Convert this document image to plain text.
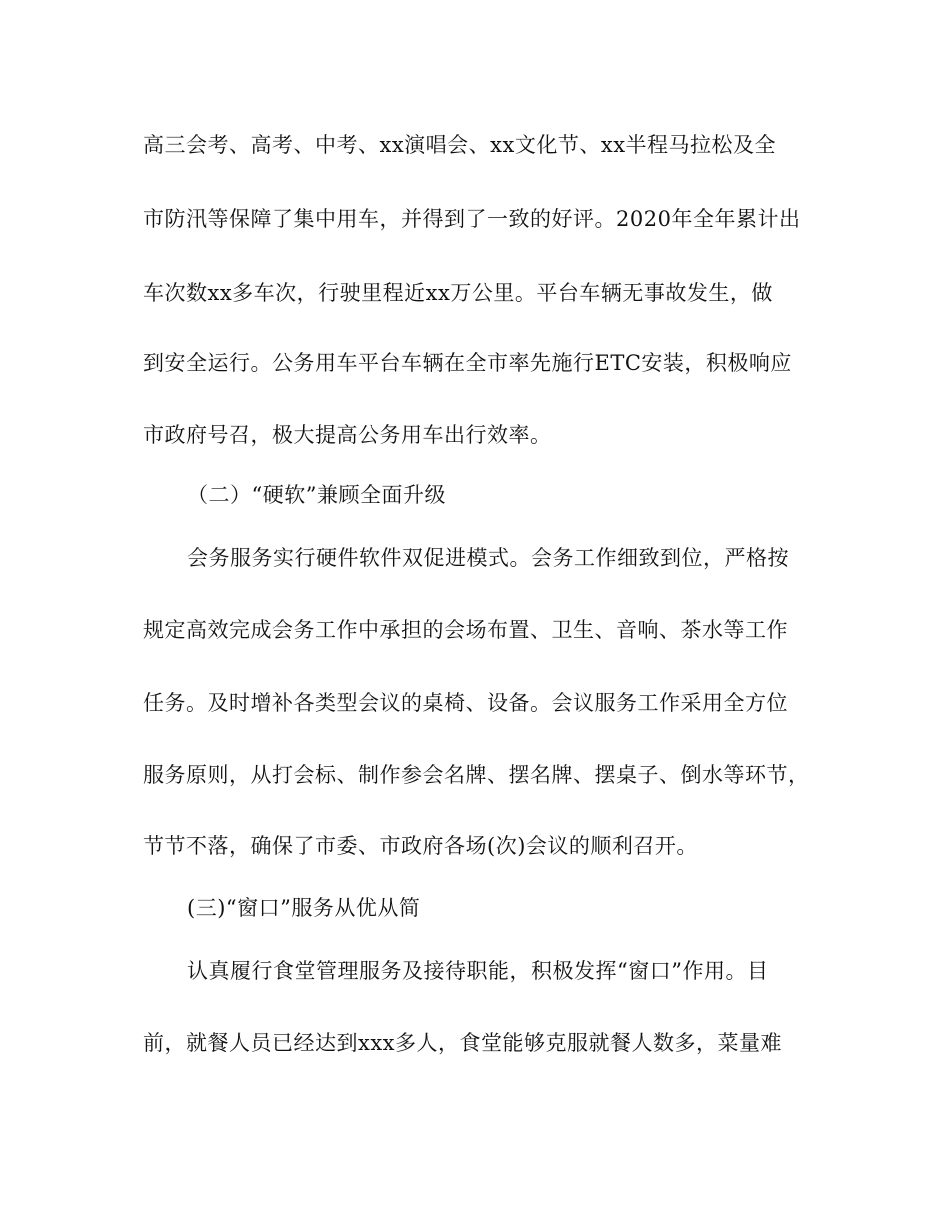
高三会考、高考、中考、xx演唱会、xx文化节、xx半程马拉松及全
市防汛等保障了集中用车，并得到了一致的好评。2020年全年累计出
车次数xx多车次，行驶里程近xx万公里。平台车辆无事故发生，做
到安全运行。公务用车平台车辆在全市率先施行ETC安装，积极响应
市政府号召，极大提高公务用车出行效率。
（二）“硬软”兼顾全面升级
会务服务实行硬件软件双促进模式。会务工作细致到位，严格按
规定高效完成会务工作中承担的会场布置、卫生、音响、茶水等工作
任务。及时增补各类型会议的桌椅、设备。会议服务工作采用全方位
服务原则，从打会标、制作参会名牌、摆名牌、摆桌子、倒水等环节，
节节不落，确保了市委、市政府各场(次)会议的顺利召开。
(三)“窗口”服务从优从简
认真履行食堂管理服务及接待职能，积极发挥“窗口”作用。目
前，就餐人员已经达到xxx多人，食堂能够克服就餐人数多，菜量难
